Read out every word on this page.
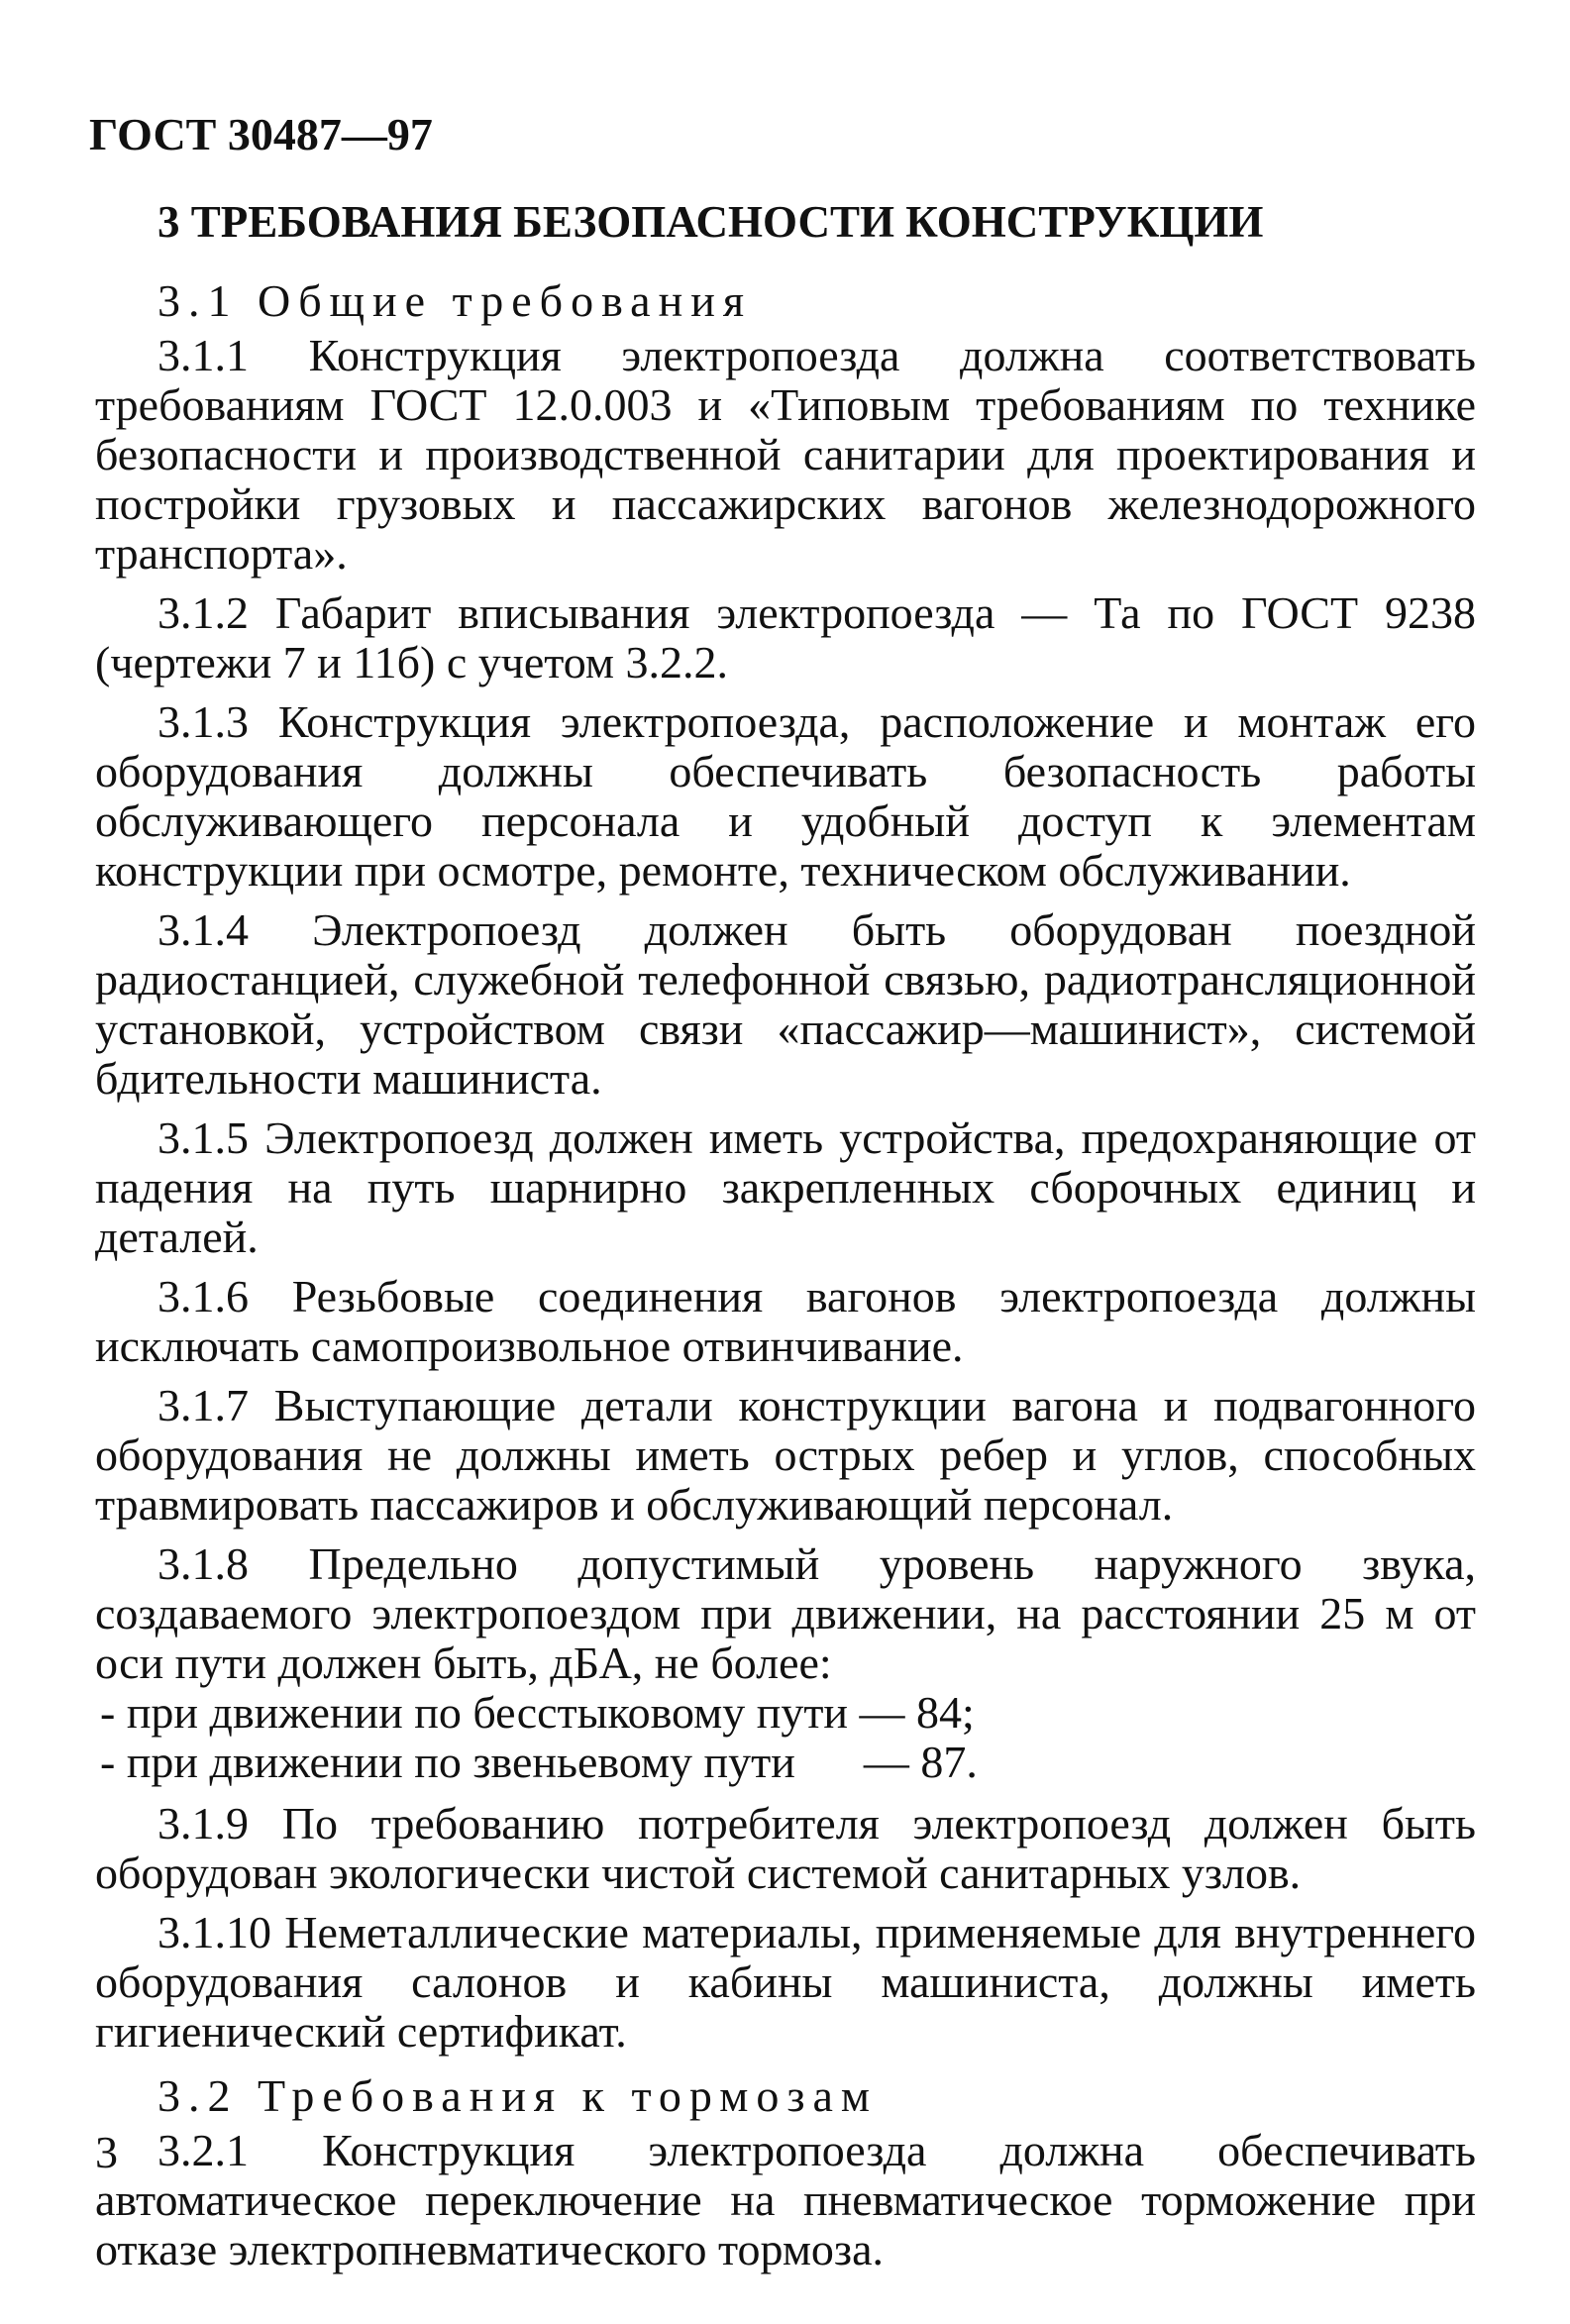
ГОСТ 30487—97
3 ТРЕБОВАНИЯ БЕЗОПАСНОСТИ КОНСТРУКЦИИ
3.1 Общие требования

3.1.1 Конструкция электропоезда должна соответствовать требованиям ГОСТ 12.0.003 и «Типовым требованиям по технике безопасности и производственной санитарии для проектирования и постройки грузовых и пассажирских вагонов железнодорожного транспорта».

3.1.2 Габарит вписывания электропоезда — Та по ГОСТ 9238 (чертежи 7 и 11б) с учетом 3.2.2.

3.1.3 Конструкция электропоезда, расположение и монтаж его оборудования должны обеспечивать безопасность работы обслуживающего персонала и удобный доступ к элементам конструкции при осмотре, ремонте, техническом обслуживании.

3.1.4 Электропоезд должен быть оборудован поездной радиостанцией, служебной телефонной связью, радиотрансляционной установкой, устройством связи «пассажир—машинист», системой бдительности машиниста.

3.1.5 Электропоезд должен иметь устройства, предохраняющие от падения на путь шарнирно закрепленных сборочных единиц и деталей.

3.1.6 Резьбовые соединения вагонов электропоезда должны исключать самопроизвольное отвинчивание.

3.1.7 Выступающие детали конструкции вагона и подвагонного оборудования не должны иметь острых ребер и углов, способных травмировать пассажиров и обслуживающий персонал.

3.1.8 Предельно допустимый уровень наружного звука, создаваемого электропоездом при движении, на расстоянии 25 м от оси пути должен быть, дБА, не более:

- при движении по бесстыковому пути — 84;
- при движении по звеньевому пути      — 87.

3.1.9 По требованию потребителя электропоезд должен быть оборудован экологически чистой системой санитарных узлов.

3.1.10 Неметаллические материалы, применяемые для внутреннего оборудования салонов и кабины машиниста, должны иметь гигиенический сертификат.

3.2 Требования к тормозам

3.2.1 Конструкция электропоезда должна обеспечивать автоматическое переключение на пневматическое торможение при отказе электропневматического тормоза.

3
